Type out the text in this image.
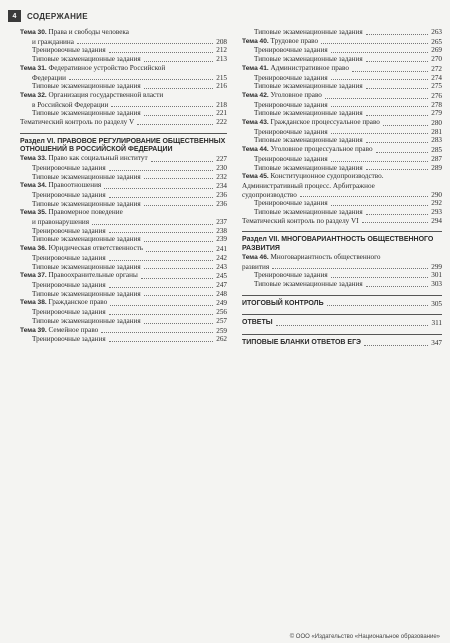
4	СОДЕРЖАНИЕ
Тема 30. Права и свободы человека
и гражданина	208
Тренировочные задания	212
Типовые экзаменационные задания	213
Тема 31. Федеративное устройство Российской
Федерации	215
Типовые экзаменационные задания	216
Тема 32. Организация государственной власти
в Российской Федерации	218
Типовые экзаменационные задания	221
Тематический контроль по разделу V	222
Раздел VI. ПРАВОВОЕ РЕГУЛИРОВАНИЕ ОБЩЕСТВЕННЫХ
ОТНОШЕНИЙ В РОССИЙСКОЙ ФЕДЕРАЦИИ
Тема 33. Право как социальный институт	227
Тренировочные задания	230
Типовые экзаменационные задания	232
Тема 34. Правоотношения	234
Тренировочные задания	236
Типовые экзаменационные задания	236
Тема 35. Правомерное поведение
и правонарушения	237
Тренировочные задания	238
Типовые экзаменационные задания	239
Тема 36. Юридическая ответственность	241
Тренировочные задания	242
Типовые экзаменационные задания	243
Тема 37. Правоохранительные органы	245
Тренировочные задания	247
Типовые экзаменационные задания	248
Тема 38. Гражданское право	249
Тренировочные задания	256
Типовые экзаменационные задания	257
Тема 39. Семейное право	259
Тренировочные задания	262
Типовые экзаменационные задания	263
Тема 40. Трудовое право	265
Тренировочные задания	269
Типовые экзаменационные задания	270
Тема 41. Административное право	272
Тренировочные задания	274
Типовые экзаменационные задания	275
Тема 42. Уголовное право	276
Тренировочные задания	278
Типовые экзаменационные задания	279
Тема 43. Гражданское процессуальное право	280
Тренировочные задания	281
Типовые экзаменационные задания	283
Тема 44. Уголовное процессуальное право	285
Тренировочные задания	287
Типовые экзаменационные задания	289
Тема 45. Конституционное судопроизводство.
Административный процесс. Арбитражное
судопроизводство	290
Тренировочные задания	292
Типовые экзаменационные задания	293
Тематический контроль по разделу VI	294
Раздел VII. МНОГОВАРИАНТНОСТЬ ОБЩЕСТВЕННОГО
РАЗВИТИЯ
Тема 46. Многовариантность общественного
развития	299
Тренировочные задания	301
Типовые экзаменационные задания	303
ИТОГОВЫЙ КОНТРОЛЬ	305
ОТВЕТЫ	311
ТИПОВЫЕ БЛАНКИ ОТВЕТОВ ЕГЭ	347
© ООО «Издательство «Национальное образование»
